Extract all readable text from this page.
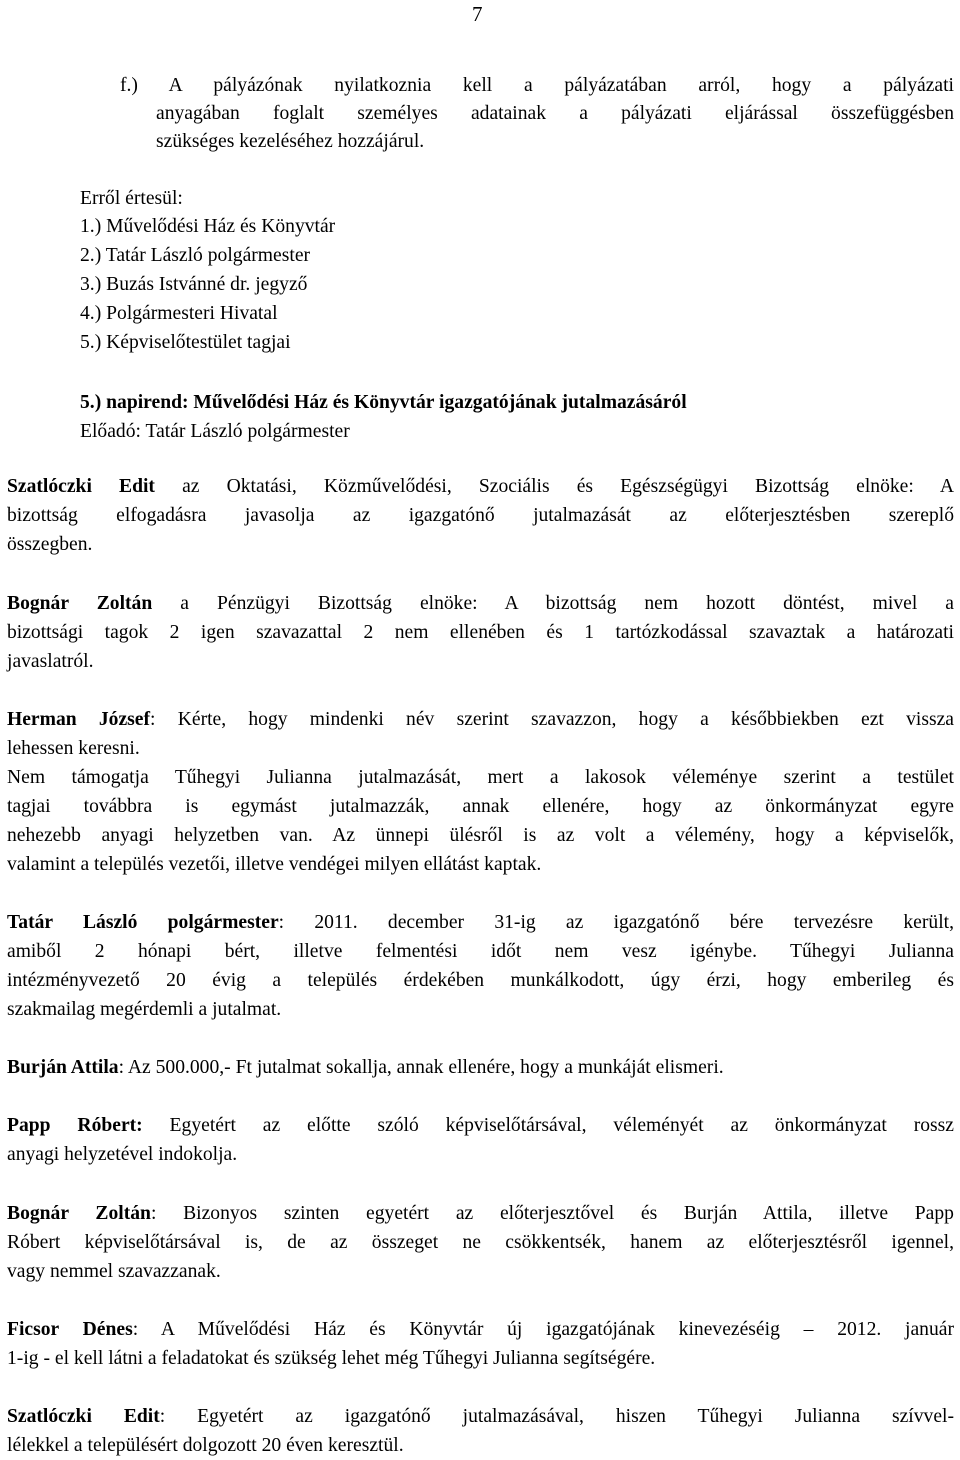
7
f.) A pályázónak nyilatkoznia kell a pályázatában arról, hogy a pályázati
anyagában foglalt személyes adatainak a pályázati eljárással összefüggésben
szükséges kezeléséhez hozzájárul.
Erről értesül:
1.) Művelődési Ház és Könyvtár
2.) Tatár László polgármester
3.) Buzás Istvánné dr. jegyző
4.) Polgármesteri Hivatal
5.) Képviselőtestület tagjai
5.) napirend: Művelődési Ház és Könyvtár igazgatójának jutalmazásáról
Előadó: Tatár László polgármester
Szatlóczki Edit az Oktatási, Közművelődési, Szociális és Egészségügyi Bizottság elnöke: A
bizottság elfogadásra javasolja az igazgatónő jutalmazását az előterjesztésben szereplő
összegben.
Bognár Zoltán a Pénzügyi Bizottság elnöke: A bizottság nem hozott döntést, mivel a
bizottsági tagok 2 igen szavazattal 2 nem ellenében és 1 tartózkodással szavaztak a határozati
javaslatról.
Herman József: Kérte, hogy mindenki név szerint szavazzon, hogy a későbbiekben ezt vissza
lehessen keresni.
Nem támogatja Tűhegyi Julianna jutalmazását, mert a lakosok véleménye szerint a testület
tagjai továbbra is egymást jutalmazzák, annak ellenére, hogy az önkormányzat egyre
nehezebb anyagi helyzetben van. Az ünnepi ülésről is az volt a vélemény, hogy a képviselők,
valamint a település vezetői, illetve vendégei milyen ellátást kaptak.
Tatár László polgármester: 2011. december 31-ig az igazgatónő bére tervezésre került,
amiből 2 hónapi bért, illetve felmentési időt nem vesz igénybe. Tűhegyi Julianna
intézményvezető 20 évig a település érdekében munkálkodott, úgy érzi, hogy emberileg és
szakmailag megérdemli a jutalmat.
Burján Attila: Az 500.000,- Ft jutalmat sokallja, annak ellenére, hogy a munkáját elismeri.
Papp Róbert: Egyetért az előtte szóló képviselőtársával, véleményét az önkormányzat rossz
anyagi helyzetével indokolja.
Bognár Zoltán: Bizonyos szinten egyetért az előterjesztővel és Burján Attila, illetve Papp
Róbert képviselőtársával is, de az összeget ne csökkentsék, hanem az előterjesztésről igennel,
vagy nemmel szavazzanak.
Ficsor Dénes: A Művelődési Ház és Könyvtár új igazgatójának kinevezéséig – 2012. január
1-ig - el kell látni a feladatokat és szükség lehet még Tűhegyi Julianna segítségére.
Szatlóczki Edit: Egyetért az igazgatónő jutalmazásával, hiszen Tűhegyi Julianna szívvel-
lélekkel a településért dolgozott 20 éven keresztül.
